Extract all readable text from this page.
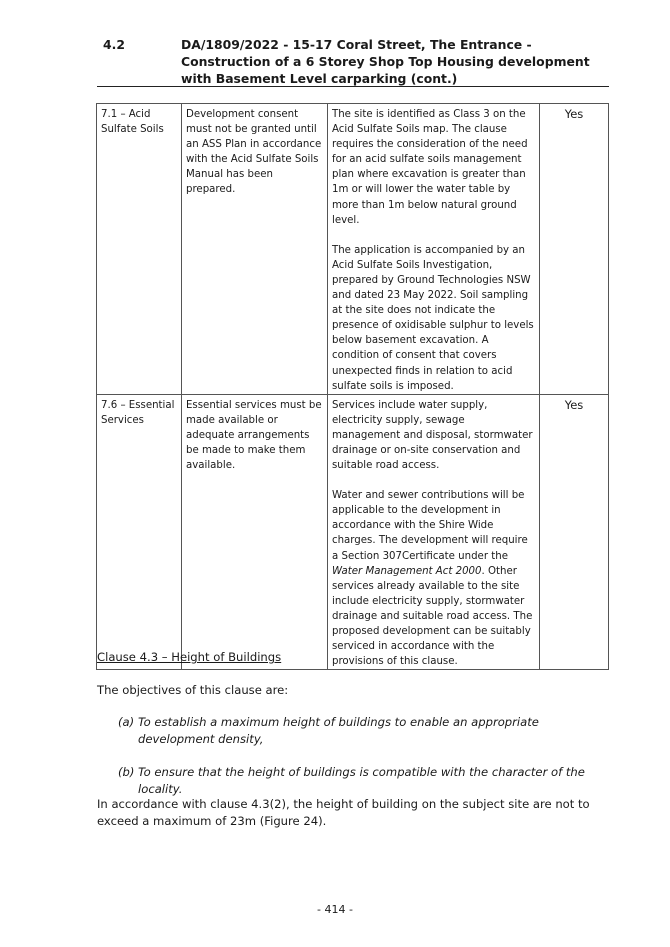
4.2	DA/1809/2022 - 15-17 Coral Street, The Entrance - Construction of a 6 Storey Shop Top Housing development with Basement Level carparking (cont.)
7.1 – Acid Sulfate Soils	Development consent must not be granted until an ASS Plan in accordance with the Acid Sulfate Soils Manual has been prepared.	The site is identified as Class 3 on the Acid Sulfate Soils map. The clause requires the consideration of the need for an acid sulfate soils management plan where excavation is greater than 1m or will lower the water table by more than 1m below natural ground level.

The application is accompanied by an Acid Sulfate Soils Investigation, prepared by Ground Technologies NSW and dated 23 May 2022. Soil sampling at the site does not indicate the presence of oxidisable sulphur to levels below basement excavation. A condition of consent that covers unexpected finds in relation to acid sulfate soils is imposed.	Yes
7.6 – Essential Services	Essential services must be made available or adequate arrangements be made to make them available.	Services include water supply, electricity supply, sewage management and disposal, stormwater drainage or on-site conservation and suitable road access.

Water and sewer contributions will be applicable to the development in accordance with the Shire Wide charges. The development will require a Section 307Certificate under the Water Management Act 2000. Other services already available to the site include electricity supply, stormwater drainage and suitable road access. The proposed development can be suitably serviced in accordance with the provisions of this clause.	Yes
Clause 4.3 – Height of Buildings
The objectives of this clause are:
(a) To establish a maximum height of buildings to enable an appropriate development density,
(b) To ensure that the height of buildings is compatible with the character of the locality.
In accordance with clause 4.3(2), the height of building on the subject site are not to exceed a maximum of 23m (Figure 24).
- 414 -
